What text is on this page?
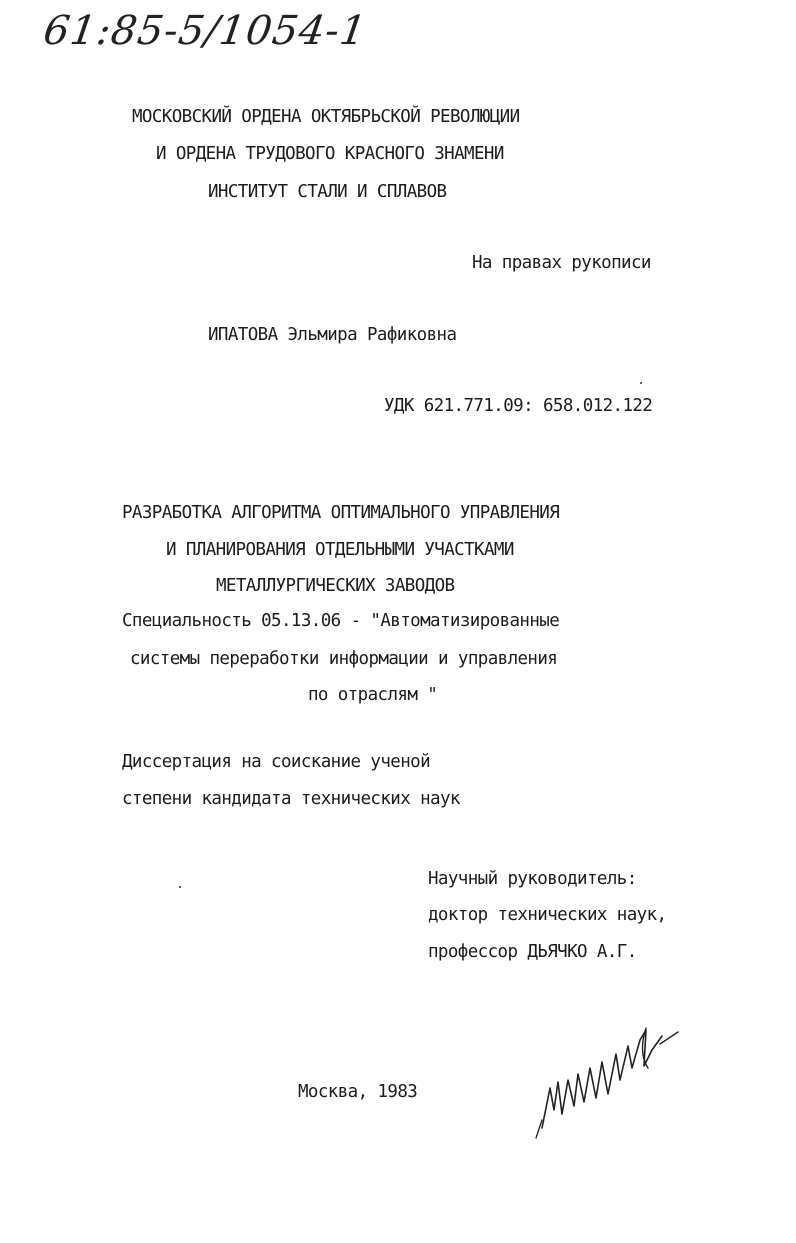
61:85-5/1054-1
МОСКОВСКИЙ ОРДЕНА ОКТЯБРЬСКОЙ РЕВОЛЮЦИИ
И ОРДЕНА ТРУДОВОГО КРАСНОГО ЗНАМЕНИ
ИНСТИТУТ СТАЛИ И СПЛАВОВ
На правах рукописи
ИПАТОВА Эльмира Рафиковна
УДК 621.771.09: 658.012.122
РАЗРАБОТКА АЛГОРИТМА ОПТИМАЛЬНОГО УПРАВЛЕНИЯ
И ПЛАНИРОВАНИЯ ОТДЕЛЬНЫМИ УЧАСТКАМИ
МЕТАЛЛУРГИЧЕСКИХ ЗАВОДОВ
Специальность 05.13.06 - "Автоматизированные
системы переработки информации и управления
по отраслям "
Диссертация на соискание ученой
степени кандидата технических наук
Научный руководитель:
доктор технических наук,
профессор ДЬЯЧКО А.Г.
Москва, 1983
